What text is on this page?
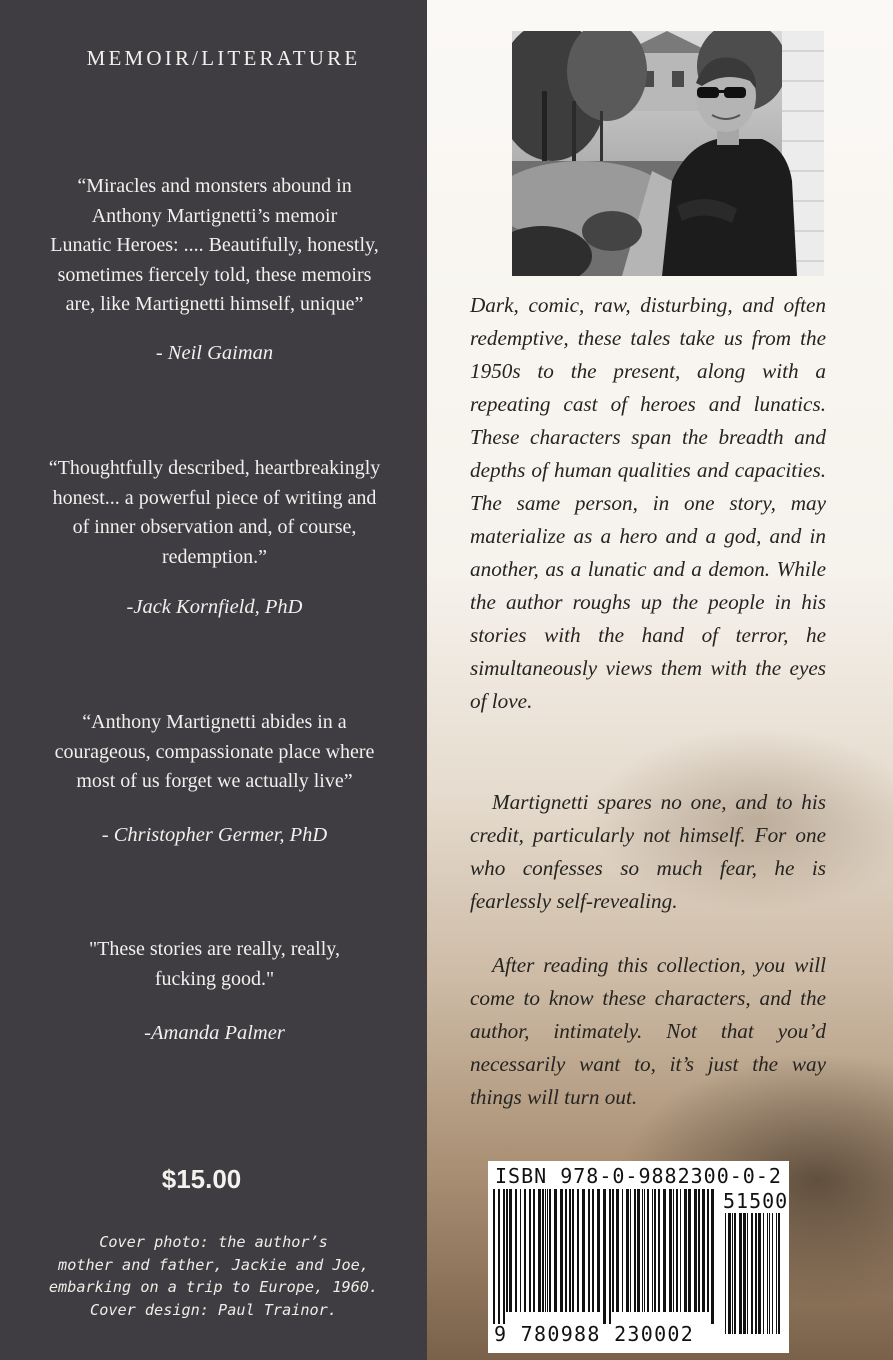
MEMOIR/LITERATURE
“Miracles and monsters abound in
Anthony Martignetti’s memoir
Lunatic Heroes: .... Beautifully, honestly,
sometimes fiercely told, these memoirs
are, like Martignetti himself, unique”
- Neil Gaiman
“Thoughtfully described, heartbreakingly
honest... a powerful piece of writing and
of inner observation and, of course,
redemption.”
-Jack Kornfield, PhD
“Anthony Martignetti abides in a
courageous, compassionate place where
most of us forget we actually live”
- Christopher Germer, PhD
"These stories are really, really,
fucking good."
-Amanda Palmer
$15.00
Cover photo: the author’s
mother and father, Jackie and Joe,
embarking on a trip to Europe, 1960.
Cover design: Paul Trainor.
Dark, comic, raw, disturbing, and often redemptive, these tales take us from the 1950s to the present, along with a repeating cast of heroes and lunatics. These characters span the breadth and depths of human qualities and capacities. The same person, in one story, may materialize as a hero and a god, and in another, as a lunatic and a demon. While the author roughs up the people in his stories with the hand of terror, he simultaneously views them with the eyes of love.
Martignetti spares no one, and to his credit, particularly not himself. For one who confesses so much fear, he is fearlessly self-revealing.
After reading this collection, you will come to know these characters, and the author, intimately. Not that you’d necessarily want to, it’s just the way things will turn out.
ISBN 978-0-9882300-0-2
51500
9 780988 230002
